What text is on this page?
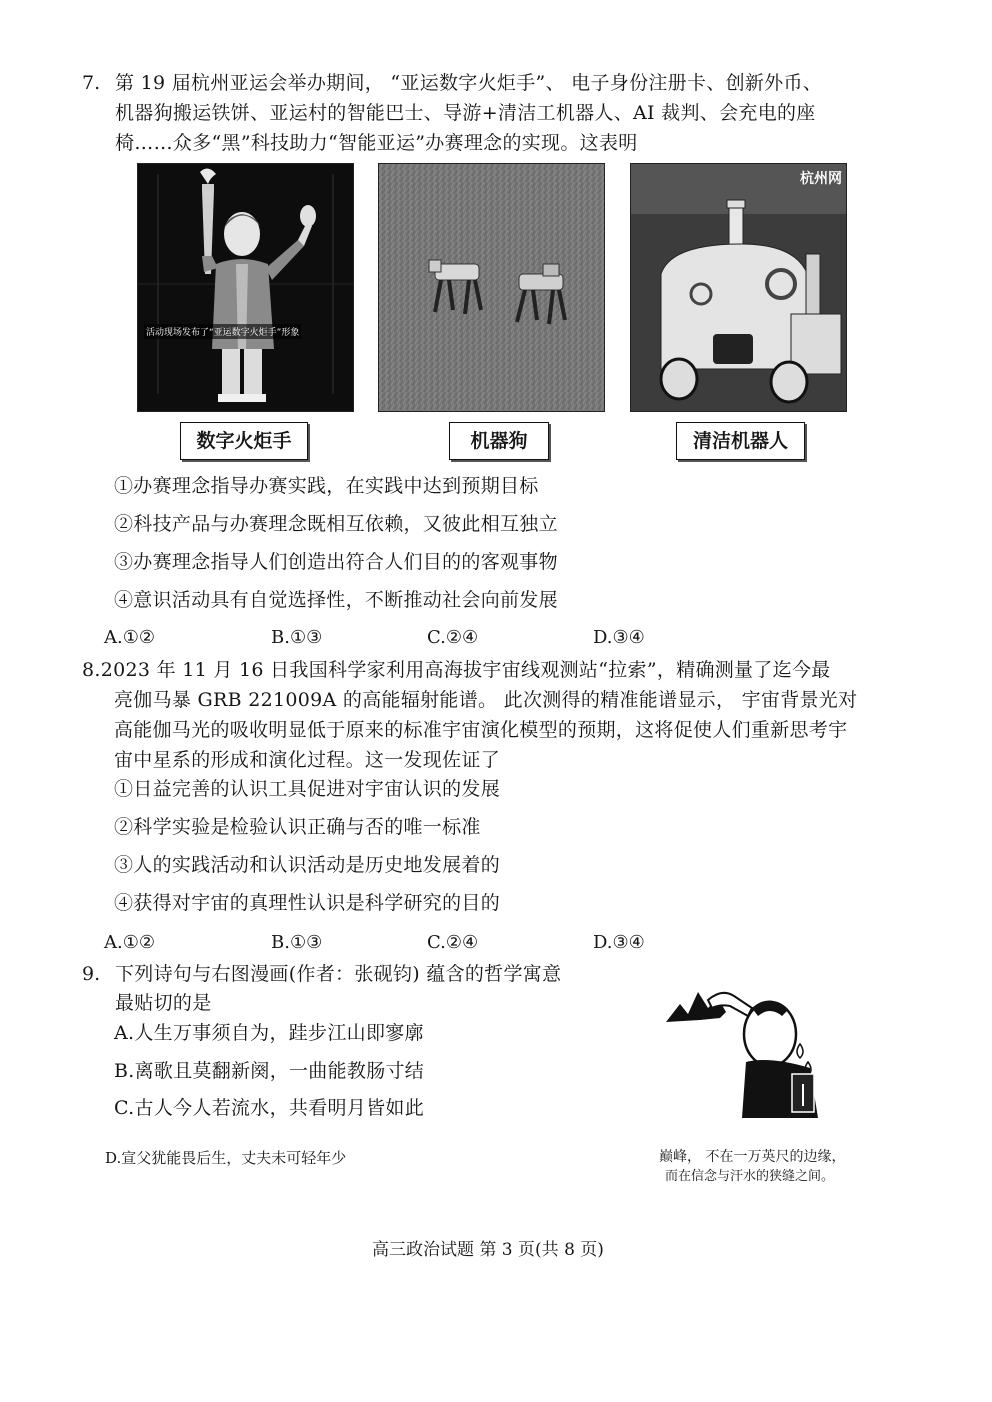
7. 第 19 届杭州亚运会举办期间， “亚运数字火炬手”、 电子身份注册卡、创新外币、
机器狗搬运铁饼、亚运村的智能巴士、导游+清洁工机器人、AI 裁判、会充电的座
椅……众多“黑”科技助力“智能亚运”办赛理念的实现。这表明
活动现场发布了“亚运数字火炬手”形象
杭州网
数字火炬手	机器狗	清洁机器人
①办赛理念指导办赛实践，在实践中达到预期目标
②科技产品与办赛理念既相互依赖，又彼此相互独立
③办赛理念指导人们创造出符合人们目的的客观事物
④意识活动具有自觉选择性，不断推动社会向前发展
A.①②	B.①③	C.②④	D.③④
8.2023 年 11 月 16 日我国科学家利用高海拔宇宙线观测站“拉索”，精确测量了迄今最
亮伽马暴 GRB 221009A 的高能辐射能谱。 此次测得的精准能谱显示， 宇宙背景光对
高能伽马光的吸收明显低于原来的标准宇宙演化模型的预期，这将促使人们重新思考宇
宙中星系的形成和演化过程。这一发现佐证了
①日益完善的认识工具促进对宇宙认识的发展
②科学实验是检验认识正确与否的唯一标准
③人的实践活动和认识活动是历史地发展着的
④获得对宇宙的真理性认识是科学研究的目的
A.①②	B.①③	C.②④	D.③④
9. 下列诗句与右图漫画(作者：张砚钧) 蕴含的哲学寓意
最贴切的是
A.人生万事须自为，跬步江山即寥廓
B.离歌且莫翻新阕，一曲能教肠寸结
C.古人今人若流水，共看明月皆如此
D.宣父犹能畏后生，丈夫未可轻年少	巅峰， 不在一万英尺的边缘，
而在信念与汗水的狭缝之间。
高三政治试题 第 3 页(共 8 页)
